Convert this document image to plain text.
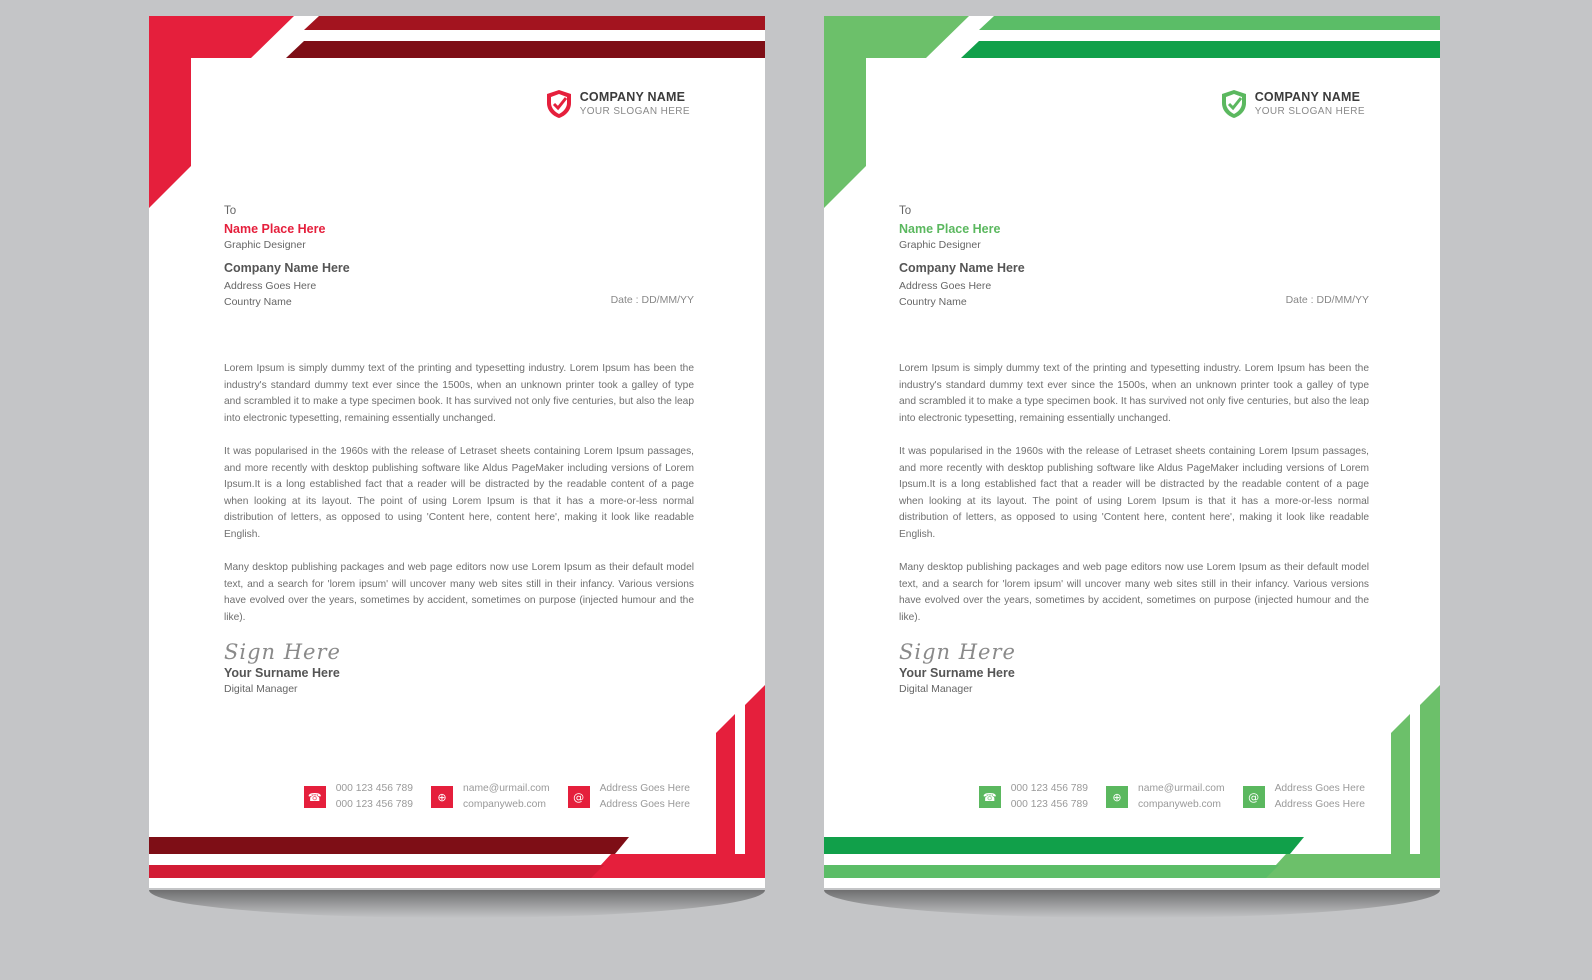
COMPANY NAME
YOUR SLOGAN HERE
To
Name Place Here
Graphic Designer
Company Name Here
Address Goes Here
Country Name	Date : DD/MM/YY

Lorem Ipsum is simply dummy text of the printing and typesetting industry. Lorem Ipsum has been the industry's standard dummy text ever since the 1500s, when an unknown printer took a galley of type and scrambled it to make a type specimen book. It has survived not only five centuries, but also the leap into electronic typesetting, remaining essentially unchanged.

It was popularised in the 1960s with the release of Letraset sheets containing Lorem Ipsum passages, and more recently with desktop publishing software like Aldus PageMaker including versions of Lorem Ipsum.It is a long established fact that a reader will be distracted by the readable content of a page when looking at its layout. The point of using Lorem Ipsum is that it has a more-or-less normal distribution of letters, as opposed to using 'Content here, content here', making it look like readable English.

Many desktop publishing packages and web page editors now use Lorem Ipsum as their default model text, and a search for 'lorem ipsum' will uncover many web sites still in their infancy. Various versions have evolved over the years, sometimes by accident, sometimes on purpose (injected humour and the like).

Sign Here
Your Surname Here
Digital Manager
☎
000 123 456 789
000 123 456 789
⊕
name@urmail.com
companyweb.com
@
Address Goes Here
Address Goes Here
COMPANY NAME
YOUR SLOGAN HERE
To
Name Place Here
Graphic Designer
Company Name Here
Address Goes Here
Country Name	Date : DD/MM/YY

Lorem Ipsum is simply dummy text of the printing and typesetting industry. Lorem Ipsum has been the industry's standard dummy text ever since the 1500s, when an unknown printer took a galley of type and scrambled it to make a type specimen book. It has survived not only five centuries, but also the leap into electronic typesetting, remaining essentially unchanged.

It was popularised in the 1960s with the release of Letraset sheets containing Lorem Ipsum passages, and more recently with desktop publishing software like Aldus PageMaker including versions of Lorem Ipsum.It is a long established fact that a reader will be distracted by the readable content of a page when looking at its layout. The point of using Lorem Ipsum is that it has a more-or-less normal distribution of letters, as opposed to using 'Content here, content here', making it look like readable English.

Many desktop publishing packages and web page editors now use Lorem Ipsum as their default model text, and a search for 'lorem ipsum' will uncover many web sites still in their infancy. Various versions have evolved over the years, sometimes by accident, sometimes on purpose (injected humour and the like).

Sign Here
Your Surname Here
Digital Manager
☎
000 123 456 789
000 123 456 789
⊕
name@urmail.com
companyweb.com
@
Address Goes Here
Address Goes Here
